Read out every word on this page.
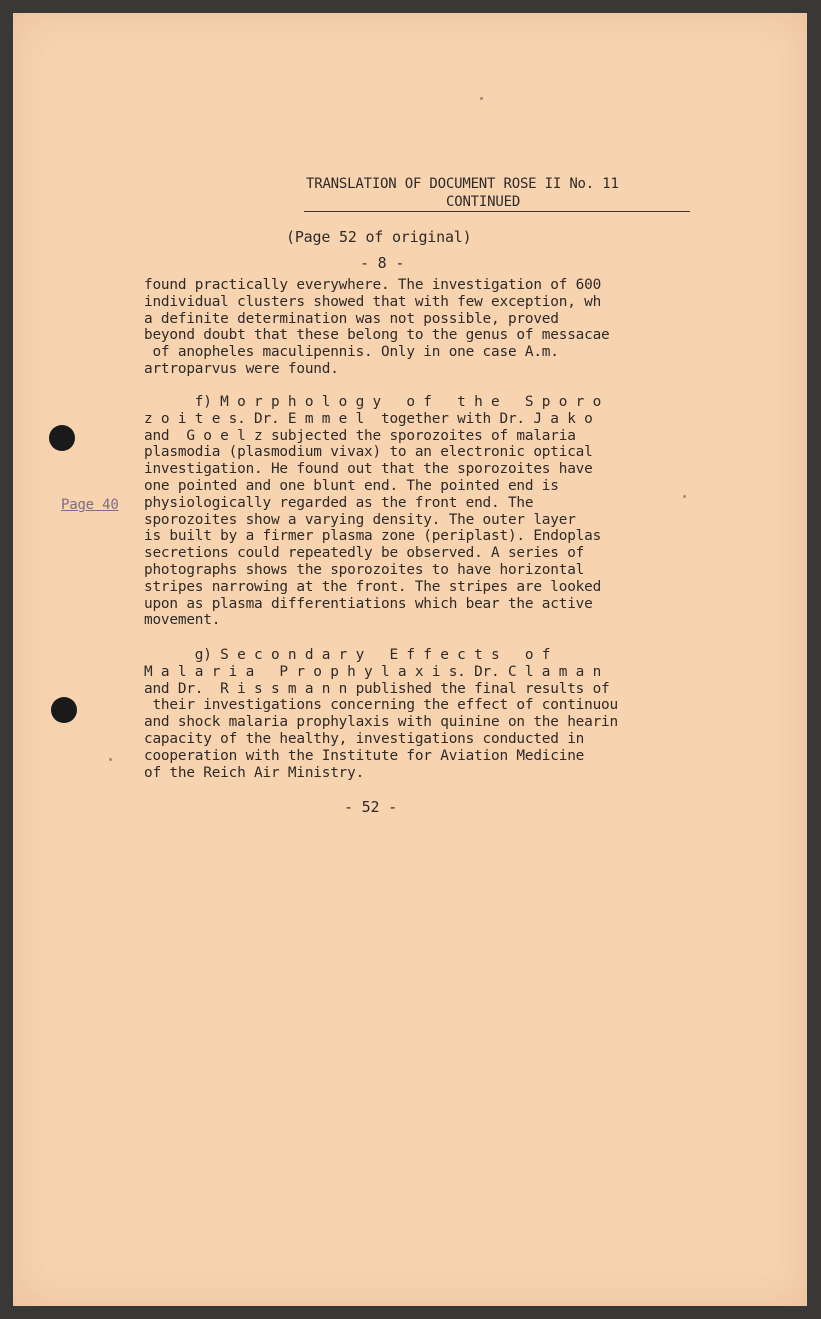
TRANSLATION OF DOCUMENT ROSE II No. 11
CONTINUED
(Page 52 of original)
- 8 -
found practically everywhere. The investigation of 600
individual clusters showed that with few exception, wh
a definite determination was not possible, proved
beyond doubt that these belong to the genus of messacae
of anopheles maculipennis. Only in one case A.m.
artroparvus were found.
f) M o r p h o l o g y   o f   t h e   S p o r o
z o i t e s. Dr. E m m e l  together with Dr. J a k o
and  G o e l z subjected the sporozoites of malaria
plasmodia (plasmodium vivax) to an electronic optical
investigation. He found out that the sporozoites have
one pointed and one blunt end. The pointed end is
physiologically regarded as the front end. The
sporozoites show a varying density. The outer layer
is built by a firmer plasma zone (periplast). Endoplas
secretions could repeatedly be observed. A series of
photographs shows the sporozoites to have horizontal
stripes narrowing at the front. The stripes are looked
upon as plasma differentiations which bear the active
movement.
g) S e c o n d a r y   E f f e c t s   o f
M a l a r i a   P r o p h y l a x i s. Dr. C l a m a n
and Dr.  R i s s m a n n published the final results of
their investigations concerning the effect of continuou
and shock malaria prophylaxis with quinine on the hearin
capacity of the healthy, investigations conducted in
cooperation with the Institute for Aviation Medicine
of the Reich Air Ministry.
Page 40
- 52 -
